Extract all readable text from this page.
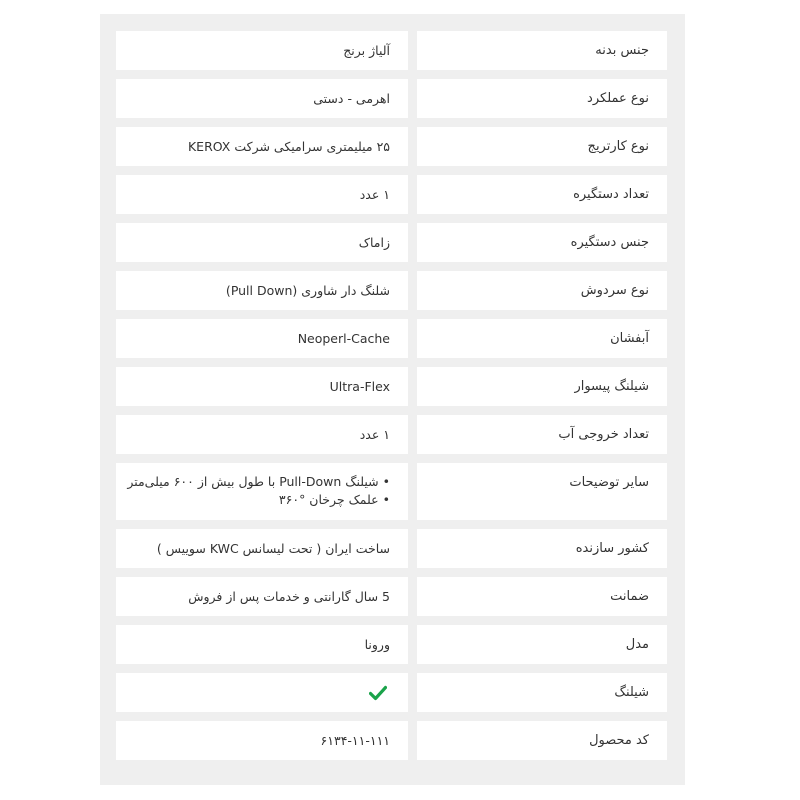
جنس بدنه
آلیاژ برنج
نوع عملکرد
اهرمی - دستی
نوع کارتریج
۲۵ میلیمتری سرامیکی شرکت KEROX
تعداد دستگیره
۱ عدد
جنس دستگیره
زاماک
نوع سردوش
شلنگ دار شاوری (Pull Down)
آبفشان
Neoperl-Cache
شیلنگ پیسوار
Ultra-Flex
تعداد خروجی آب
۱ عدد
سایر توضیحات
• شیلنگ Pull-Down با طول بیش از ۶۰۰ میلی‌متر
• علمک چرخان °۳۶۰
کشور سازنده
ساخت ایران ( تحت لیسانس KWC سوییس )
ضمانت
5 سال گارانتی و خدمات پس از فروش
مدل
ورونا
شیلنگ
کد محصول
۶۱۳۴-۱۱-۱۱۱
